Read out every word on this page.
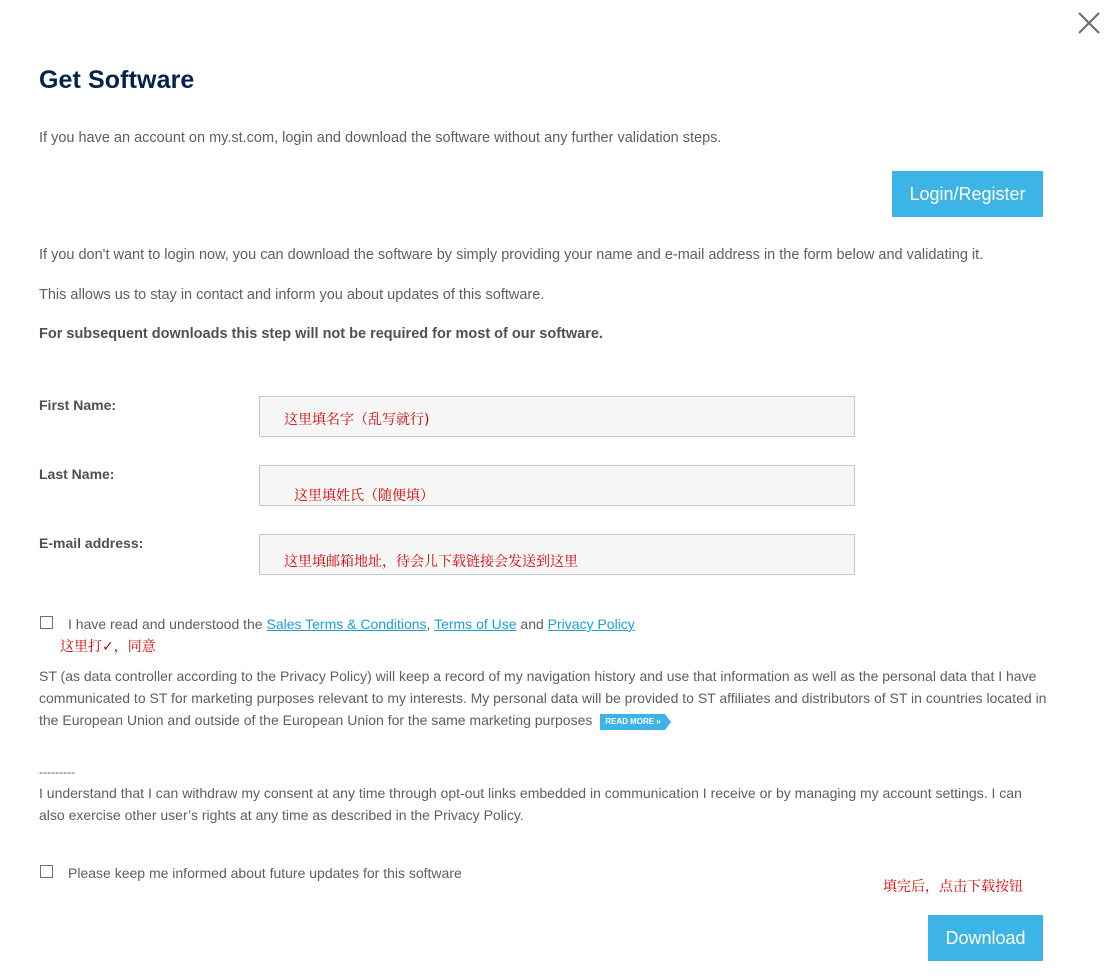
Get Software
If you have an account on my.st.com, login and download the software without any further validation steps.
Login/Register
If you don't want to login now, you can download the software by simply providing your name and e-mail address in the form below and validating it.
This allows us to stay in contact and inform you about updates of this software.
For subsequent downloads this step will not be required for most of our software.
First Name:
这里填名字（乱写就行)
Last Name:
这里填姓氏（随便填）
E-mail address:
这里填邮箱地址，待会儿下载链接会发送到这里
I have read and understood the Sales Terms & Conditions, Terms of Use and Privacy Policy
这里打✓，同意
ST (as data controller according to the Privacy Policy) will keep a record of my navigation history and use that information as well as the personal data that I have communicated to ST for marketing purposes relevant to my interests. My personal data will be provided to ST affiliates and distributors of ST in countries located in the European Union and outside of the European Union for the same marketing purposes READ MORE »
---------
I understand that I can withdraw my consent at any time through opt-out links embedded in communication I receive or by managing my account settings. I can also exercise other user’s rights at any time as described in the Privacy Policy.
Please keep me informed about future updates for this software
填完后，点击下载按钮
Download
